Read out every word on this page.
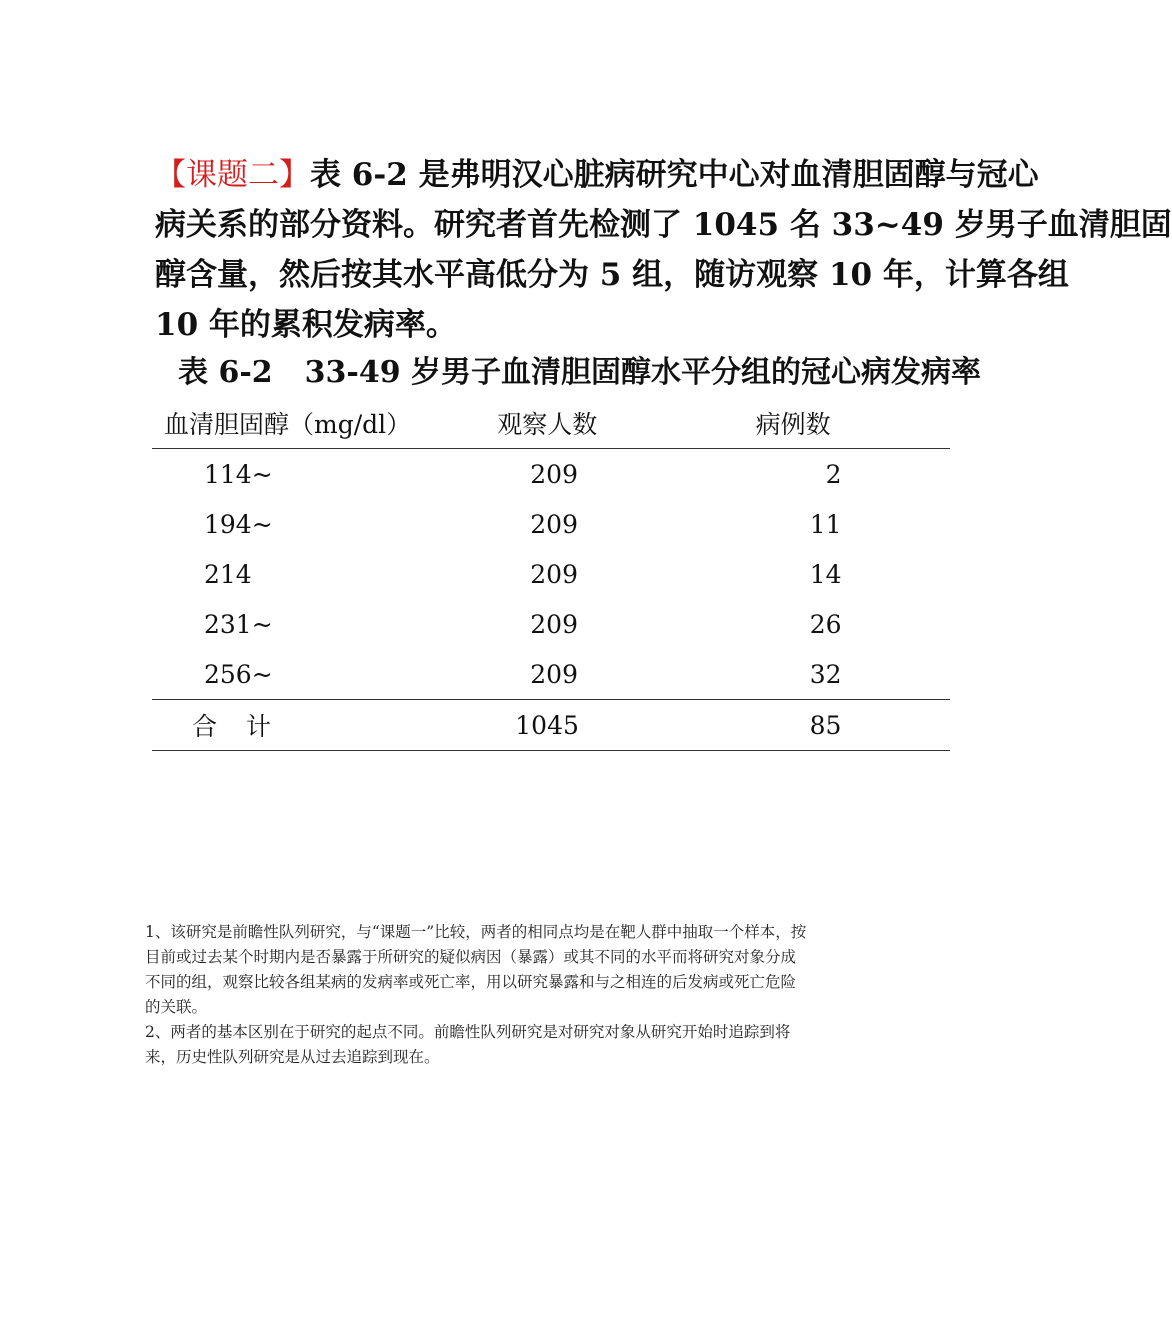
【课题二】表 6-2 是弗明汉心脏病研究中心对血清胆固醇与冠心
病关系的部分资料。研究者首先检测了 1045 名 33~49 岁男子血清胆固
醇含量，然后按其水平高低分为 5 组，随访观察 10 年，计算各组
10 年的累积发病率。
表 6-2 33-49 岁男子血清胆固醇水平分组的冠心病发病率
血清胆固醇（mg/dl）	观察人数	病例数
114~	209	2
194~	209	11
214	209	14
231~	209	26
256~	209	32
合　计	1045	85

1、该研究是前瞻性队列研究，与“课题一”比较，两者的相同点均是在靶人群中抽取一个样本，按目前或过去某个时期内是否暴露于所研究的疑似病因（暴露）或其不同的水平而将研究对象分成不同的组，观察比较各组某病的发病率或死亡率，用以研究暴露和与之相连的后发病或死亡危险的关联。

2、两者的基本区别在于研究的起点不同。前瞻性队列研究是对研究对象从研究开始时追踪到将来，历史性队列研究是从过去追踪到现在。
